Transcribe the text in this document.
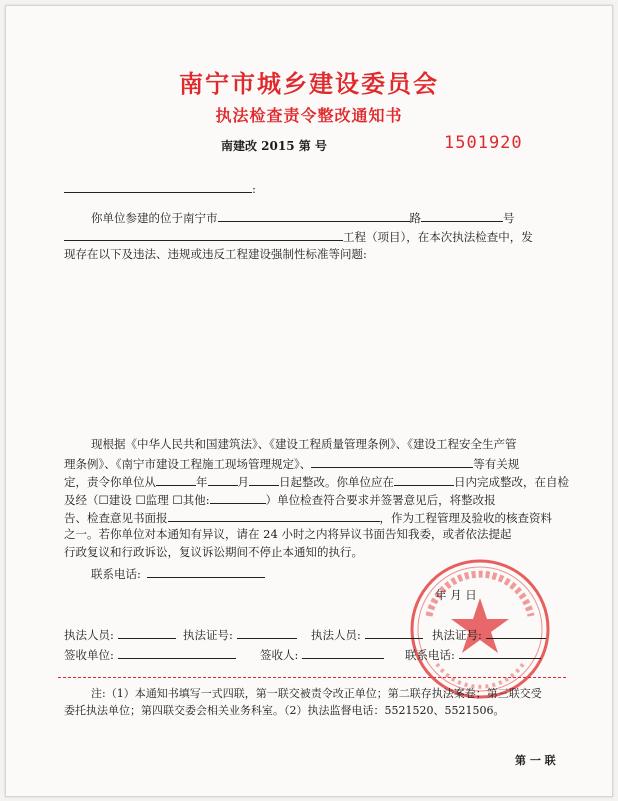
南宁市城乡建设委员会
执法检查责令整改通知书
南建改 2015 第 号	1501920
:
你单位参建的位于南宁市	路	号
工程（项目），在本次执法检查中，发
现存在以下及违法、违规或违反工程建设强制性标准等问题:
现根据《中华人民共和国建筑法》、《建设工程质量管理条例》、《建设工程安全生产管
理条例》、《南宁市建设工程施工现场管理规定》、	等有关规
定，责令你单位从	年	月	日起整改。你单位应在	日内完成整改，在自检
及经（☐建设 ☐监理 ☐其他:	）单位检查符合要求并签署意见后，将整改报
告、检查意见书面报	，作为工程管理及验收的核查资料
之一。若你单位对本通知有异议，请在 24 小时之内将异议书面告知我委，或者依法提起
行政复议和行政诉讼，复议诉讼期间不停止本通知的执行。
联系电话:
年 月 日
执法人员:	执法证号:	执法人员:	执法证号:
签收单位:	签收人:	联系电话:
注:（1）本通知书填写一式四联，第一联交被责令改正单位；第二联存执法案卷；第三联交受
委托执法单位；第四联交委会相关业务科室。（2）执法监督电话：5521520、5521506。
第 一 联
